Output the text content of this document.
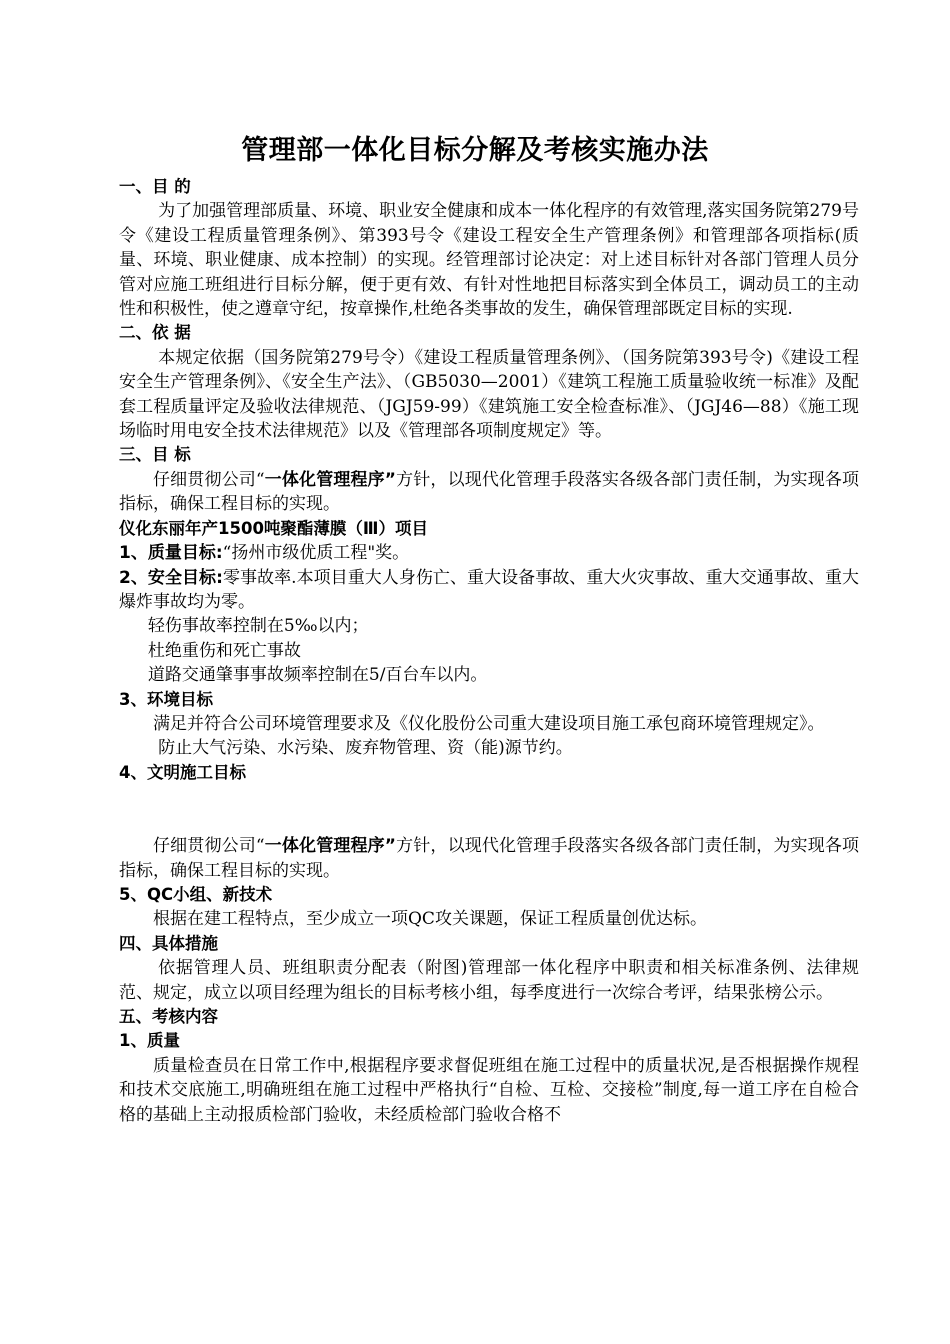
管理部一体化目标分解及考核实施办法

一、目 的

为了加强管理部质量、环境、职业安全健康和成本一体化程序的有效管理,落实国务院第279号令《建设工程质量管理条例》、第393号令《建设工程安全生产管理条例》和管理部各项指标(质量、环境、职业健康、成本控制）的实现。经管理部讨论决定：对上述目标针对各部门管理人员分管对应施工班组进行目标分解，便于更有效、有针对性地把目标落实到全体员工，调动员工的主动性和积极性，使之遵章守纪，按章操作,杜绝各类事故的发生，确保管理部既定目标的实现.

二、依 据

本规定依据（国务院第279号令）《建设工程质量管理条例》、（国务院第393号令)《建设工程安全生产管理条例》、《安全生产法》、（GB5030—2001）《建筑工程施工质量验收统一标准》及配套工程质量评定及验收法律规范、（JGJ59-99）《建筑施工安全检查标准》、（JGJ46—88）《施工现场临时用电安全技术法律规范》以及《管理部各项制度规定》等。

三、目 标

仔细贯彻公司“一体化管理程序”方针，以现代化管理手段落实各级各部门责任制，为实现各项指标，确保工程目标的实现。

仪化东丽年产1500吨聚酯薄膜（Ⅲ）项目

1、质量目标:“扬州市级优质工程"奖。

2、安全目标:零事故率.本项目重大人身伤亡、重大设备事故、重大火灾事故、重大交通事故、重大爆炸事故均为零。

轻伤事故率控制在5‰以内；

杜绝重伤和死亡事故

道路交通肇事事故频率控制在5/百台车以内。

3、环境目标

满足并符合公司环境管理要求及《仪化股份公司重大建设项目施工承包商环境管理规定》。

防止大气污染、水污染、废弃物管理、资（能)源节约。

4、文明施工目标

仔细贯彻公司“一体化管理程序”方针，以现代化管理手段落实各级各部门责任制，为实现各项指标，确保工程目标的实现。

5、QC小组、新技术

根据在建工程特点，至少成立一项QC攻关课题，保证工程质量创优达标。

四、具体措施

依据管理人员、班组职责分配表（附图)管理部一体化程序中职责和相关标准条例、法律规范、规定，成立以项目经理为组长的目标考核小组，每季度进行一次综合考评，结果张榜公示。

五、考核内容

1、质量

质量检查员在日常工作中,根据程序要求督促班组在施工过程中的质量状况,是否根据操作规程和技术交底施工,明确班组在施工过程中严格执行“自检、互检、交接检”制度,每一道工序在自检合格的基础上主动报质检部门验收，未经质检部门验收合格不
